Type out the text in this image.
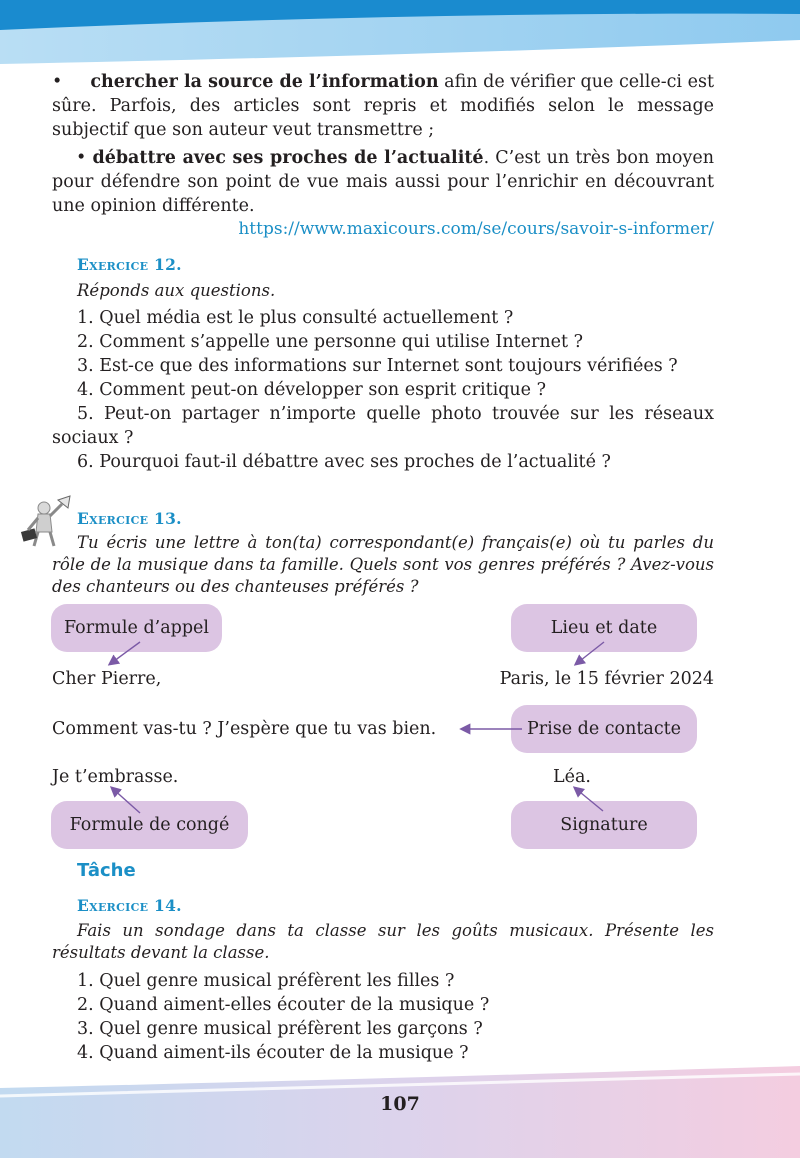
• chercher la source de l’information afin de vérifier que celle-ci est sûre. Parfois, des articles sont repris et modifiés selon le message subjectif que son auteur veut transmettre ;
• débattre avec ses proches de l’actualité. C’est un très bon moyen pour défendre son point de vue mais aussi pour l’enrichir en découvrant une opinion différente.
https://www.maxicours.com/se/cours/savoir-s-informer/
Exercice 12.
Réponds aux questions.
1. Quel média est le plus consulté actuellement ?
2. Comment s’appelle une personne qui utilise Internet ?
3. Est-ce que des informations sur Internet sont toujours vérifiées ?
4. Comment peut-on développer son esprit critique ?
5. Peut-on partager n’importe quelle photo trouvée sur les réseaux sociaux ?
6. Pourquoi faut-il débattre avec ses proches de l’actualité ?
Exercice 13.
Tu écris une lettre à ton(ta) correspondant(e) français(e) où tu parles du rôle de la musique dans ta famille. Quels sont vos genres préférés ? Avez-vous des chanteurs ou des chanteuses préférés ?
Formule d’appel	Lieu et date
Cher Pierre,	Paris, le 15 février 2024
Comment vas-tu ? J’espère que tu vas bien.	Prise de contacte
Je t’embrasse.	Léa.
Formule de congé	Signature
Tâche
Exercice 14.
Fais un sondage dans ta classe sur les goûts musicaux. Présente les résultats devant la classe.
1. Quel genre musical préfèrent les filles ?
2. Quand aiment-elles écouter de la musique ?
3. Quel genre musical préfèrent les garçons ?
4. Quand aiment-ils écouter de la musique ?
107
